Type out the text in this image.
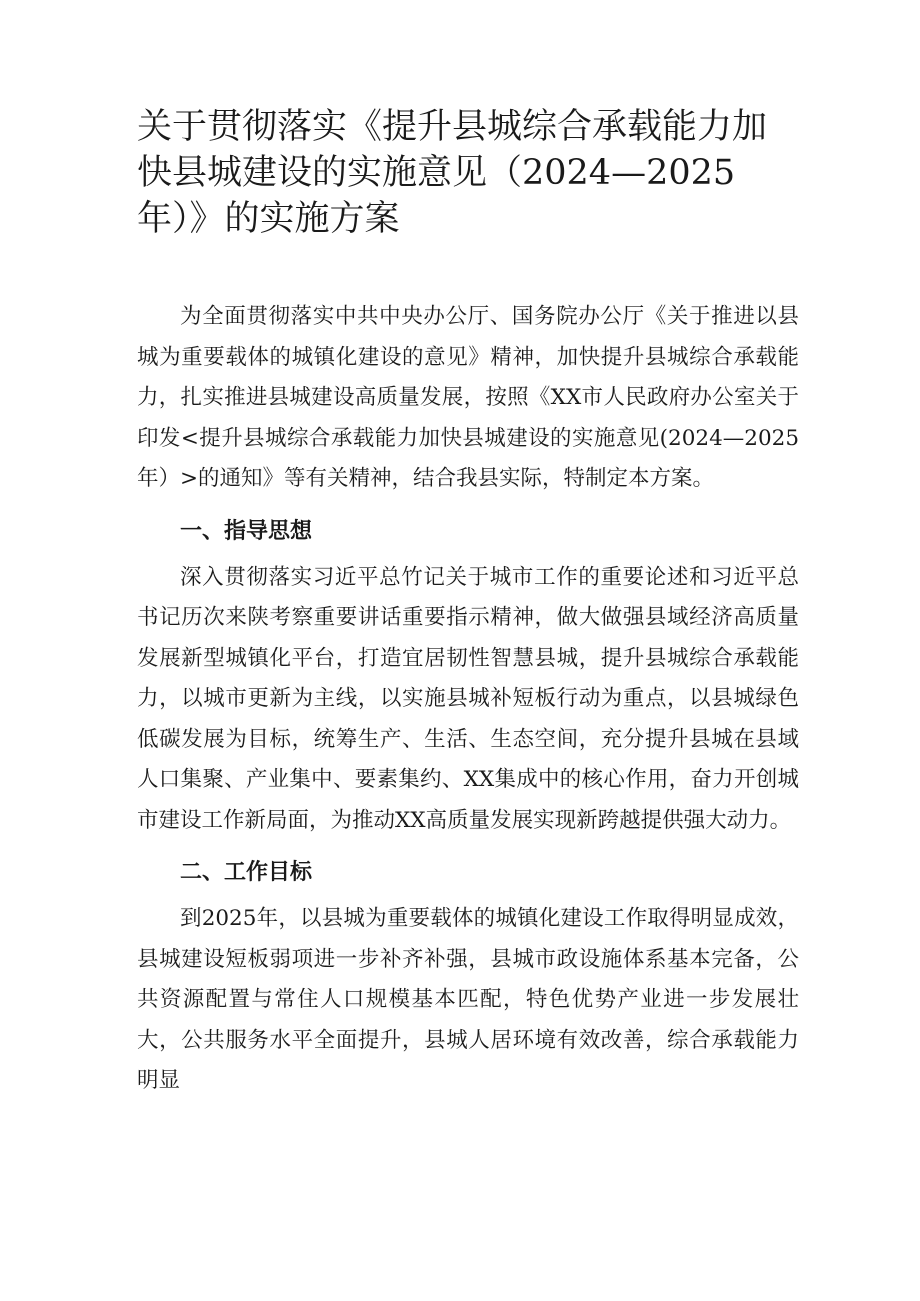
关于贯彻落实《提升县城综合承载能力加快县城建设的实施意见（2024—2025年）》的实施方案

为全面贯彻落实中共中央办公厅、国务院办公厅《关于推进以县城为重要载体的城镇化建设的意见》精神，加快提升县城综合承载能力，扎实推进县城建设高质量发展，按照《XX市人民政府办公室关于印发<提升县城综合承载能力加快县城建设的实施意见(2024—2025年）>的通知》等有关精神，结合我县实际，特制定本方案。

一、指导思想

深入贯彻落实习近平总竹记关于城市工作的重要论述和习近平总书记历次来陕考察重要讲话重要指示精神，做大做强县域经济高质量发展新型城镇化平台，打造宜居韧性智慧县城，提升县城综合承载能力，以城市更新为主线，以实施县城补短板行动为重点，以县城绿色低碳发展为目标，统筹生产、生活、生态空间，充分提升县城在县域人口集聚、产业集中、要素集约、XX集成中的核心作用，奋力开创城市建设工作新局面，为推动XX高质量发展实现新跨越提供强大动力。

二、工作目标

到2025年，以县城为重要载体的城镇化建设工作取得明显成效，县城建设短板弱项进一步补齐补强，县城市政设施体系基本完备，公共资源配置与常住人口规模基本匹配，特色优势产业进一步发展壮大，公共服务水平全面提升，县城人居环境有效改善，综合承载能力明显
